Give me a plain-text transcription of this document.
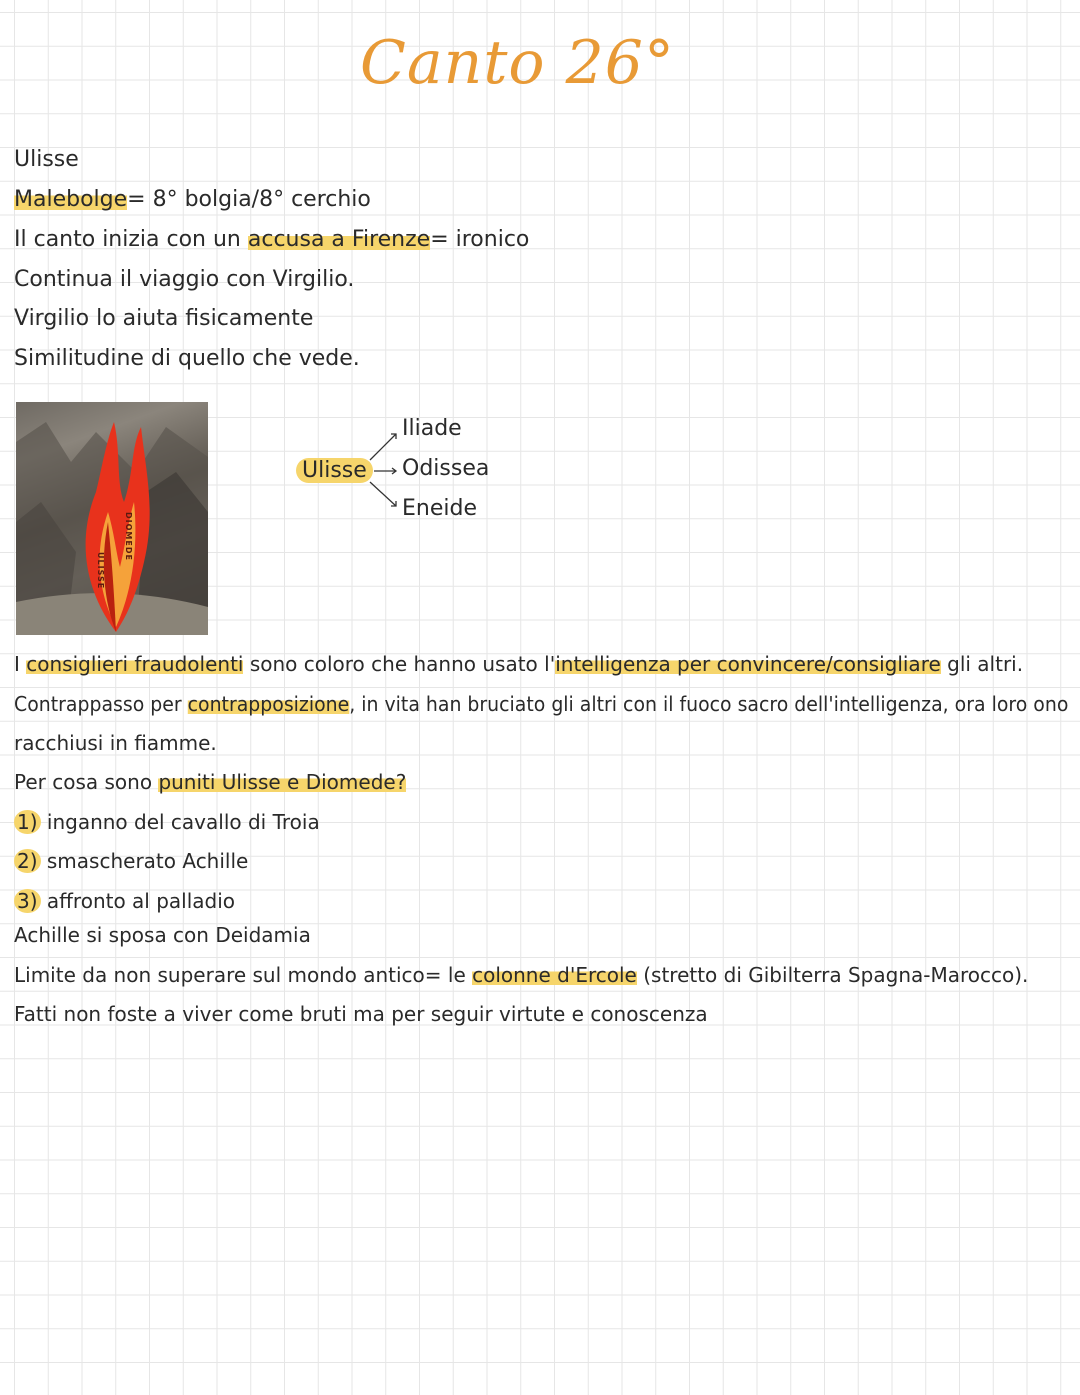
Canto 26°
Ulisse
Malebolge= 8° bolgia/8° cerchio
Il canto inizia con un accusa a Firenze= ironico
Continua il viaggio con Virgilio.
Virgilio lo aiuta fisicamente
Similitudine di quello che vede.
ULISSE
DIOMEDE
Ulisse
Iliade
Odissea
Eneide
I consiglieri fraudolenti sono coloro che hanno usato l'intelligenza per convincere/consigliare gli altri.
Contrappasso per contrapposizione, in vita han bruciato gli altri con il fuoco sacro dell'intelligenza, ora loro ono
racchiusi in fiamme.
Per cosa sono puniti Ulisse e Diomede?
1) inganno del cavallo di Troia
2) smascherato Achille
3) affronto al palladio
Achille si sposa con Deidamia
Limite da non superare sul mondo antico= le colonne d'Ercole (stretto di Gibilterra Spagna-Marocco).
Fatti non foste a viver come bruti ma per seguir virtute e conoscenza
